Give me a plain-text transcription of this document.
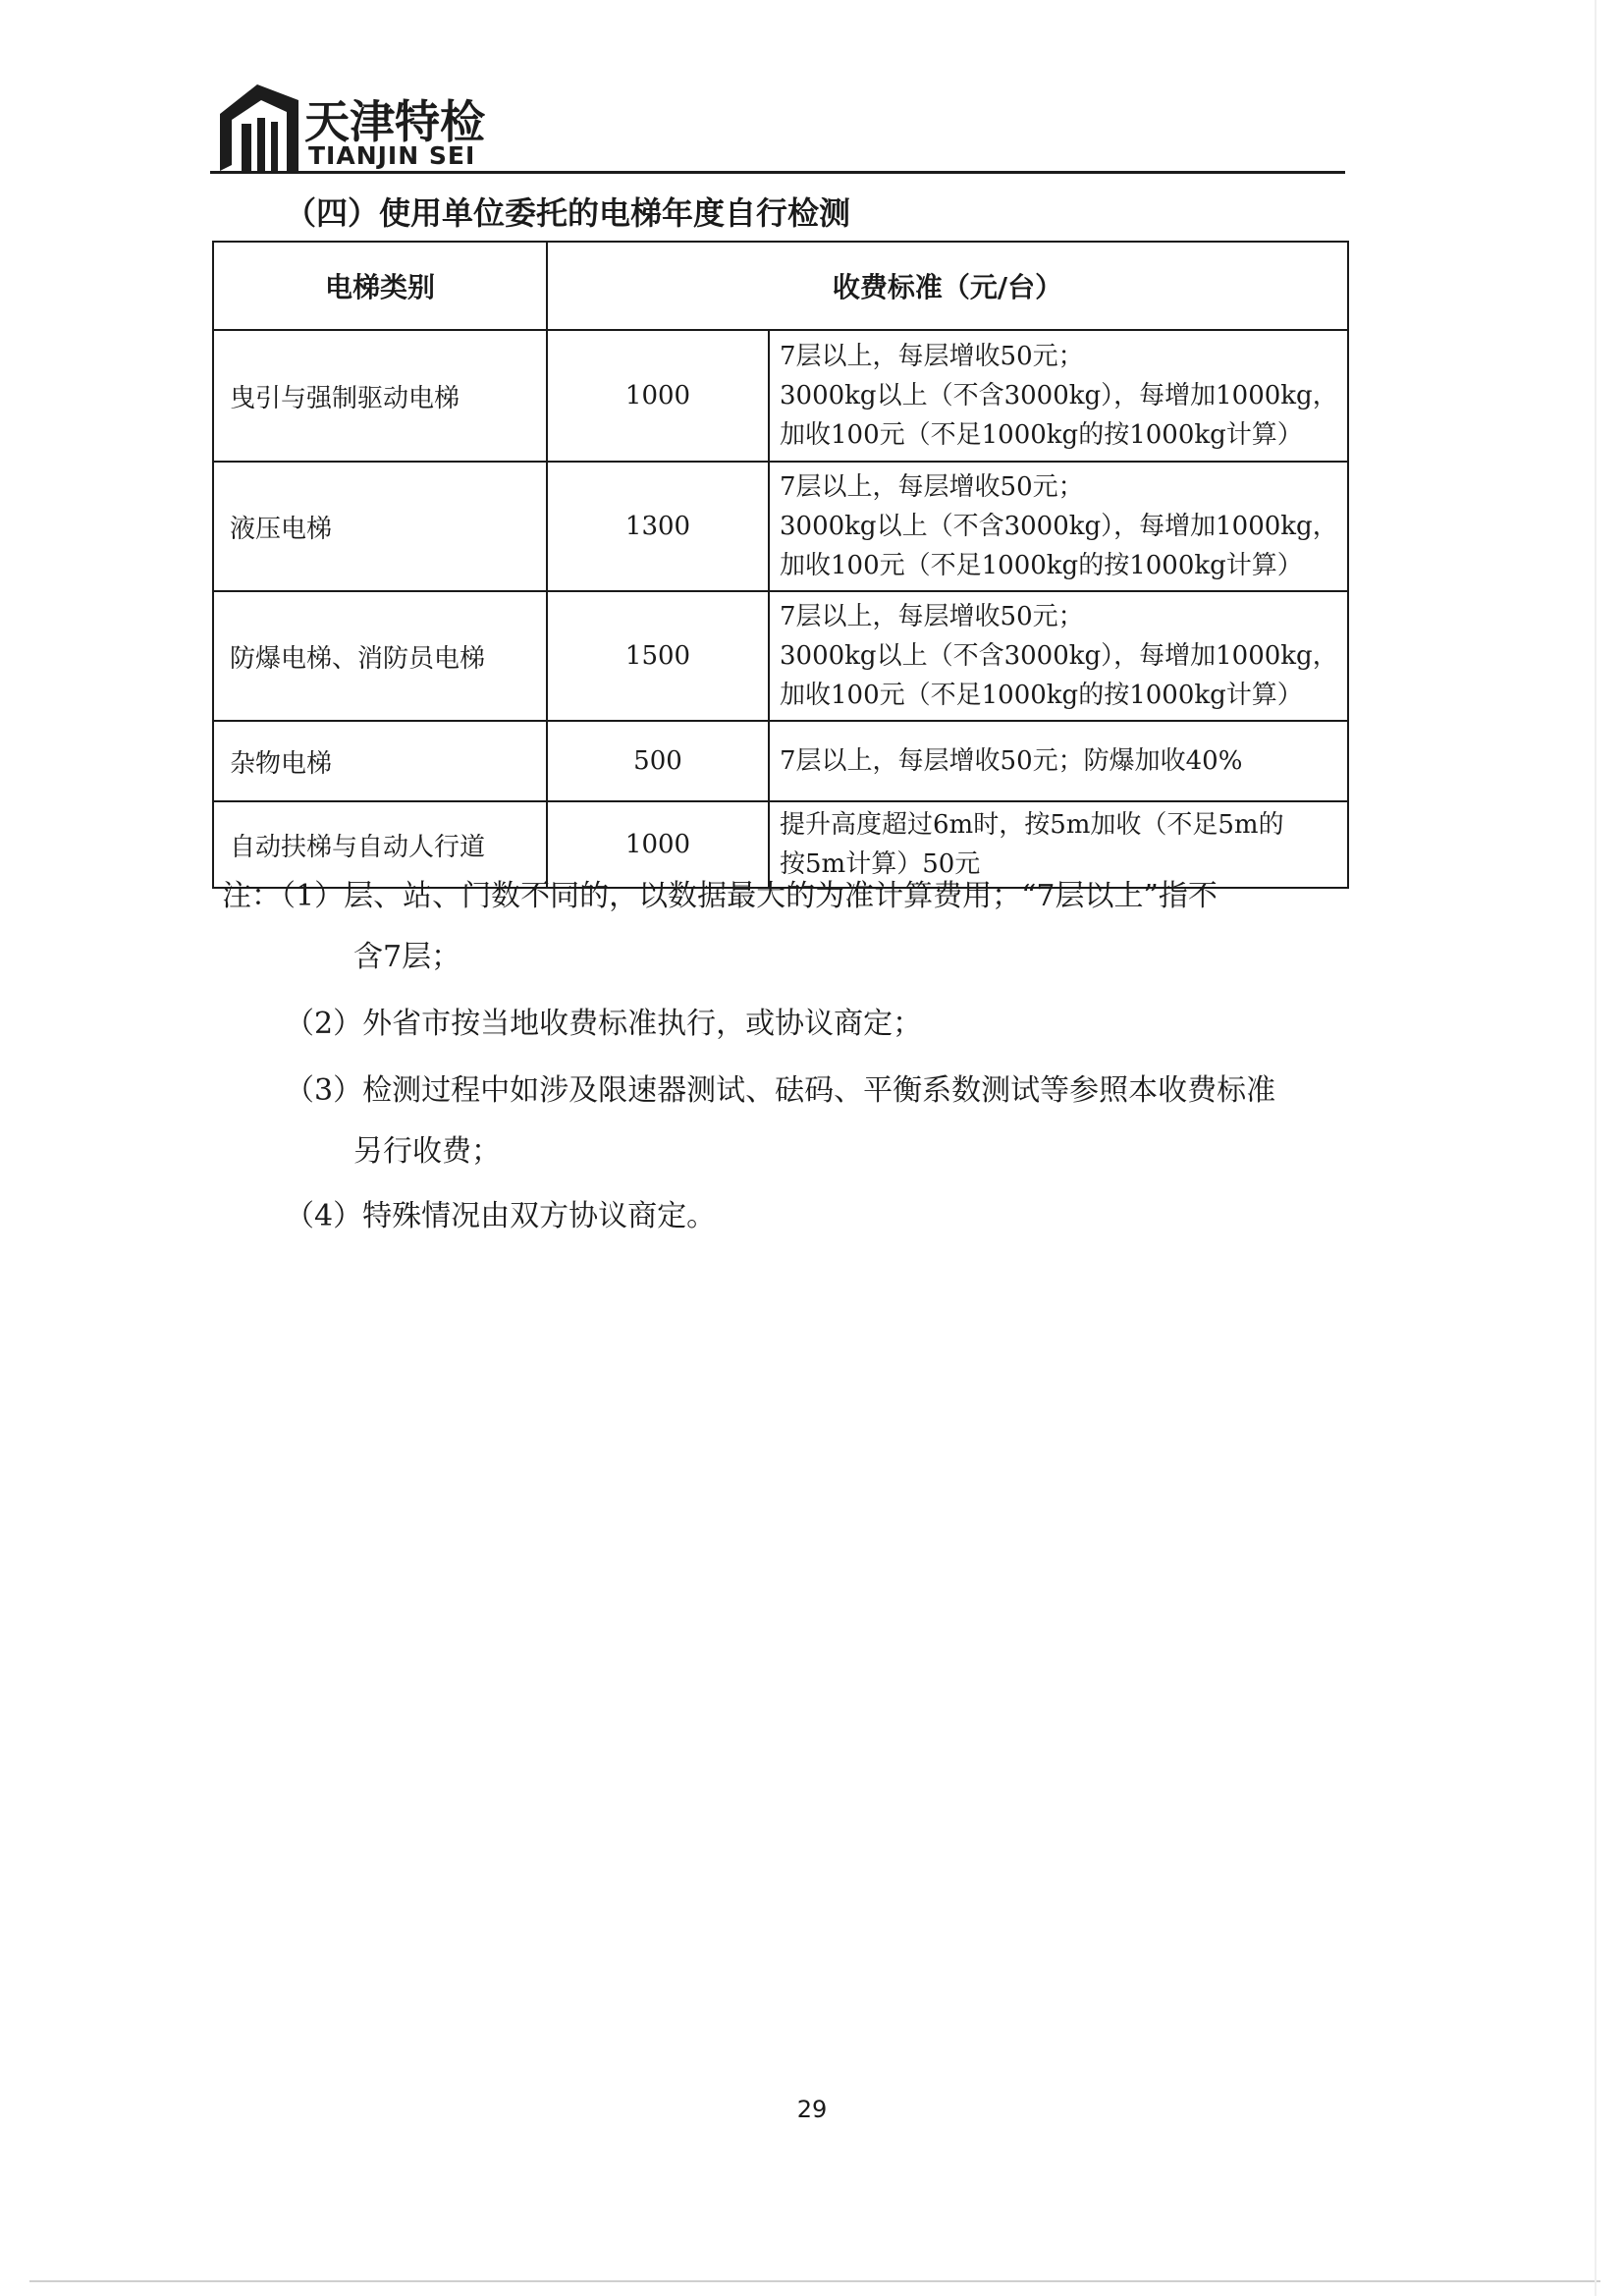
天津特检
TIANJIN SEI
（四）使用单位委托的电梯年度自行检测
电梯类别	收费标准（元/台）	
曳引与强制驱动电梯	1000	7层以上，每层增收50元；
3000kg以上（不含3000kg），每增加1000kg，
加收100元（不足1000kg的按1000kg计算）

液压电梯	1300	7层以上，每层增收50元；
3000kg以上（不含3000kg），每增加1000kg，
加收100元（不足1000kg的按1000kg计算）

防爆电梯、消防员电梯	1500	7层以上，每层增收50元；
3000kg以上（不含3000kg），每增加1000kg，
加收100元（不足1000kg的按1000kg计算）

杂物电梯	500	7层以上，每层增收50元；防爆加收40%

自动扶梯与自动人行道	1000	提升高度超过6m时，按5m加收（不足5m的
按5m计算）50元

注：（1）层、站、门数不同的，以数据最大的为准计算费用；“7层以上”指不

含7层；

（2）外省市按当地收费标准执行，或协议商定；

（3）检测过程中如涉及限速器测试、砝码、平衡系数测试等参照本收费标准

另行收费；

（4）特殊情况由双方协议商定。

29
